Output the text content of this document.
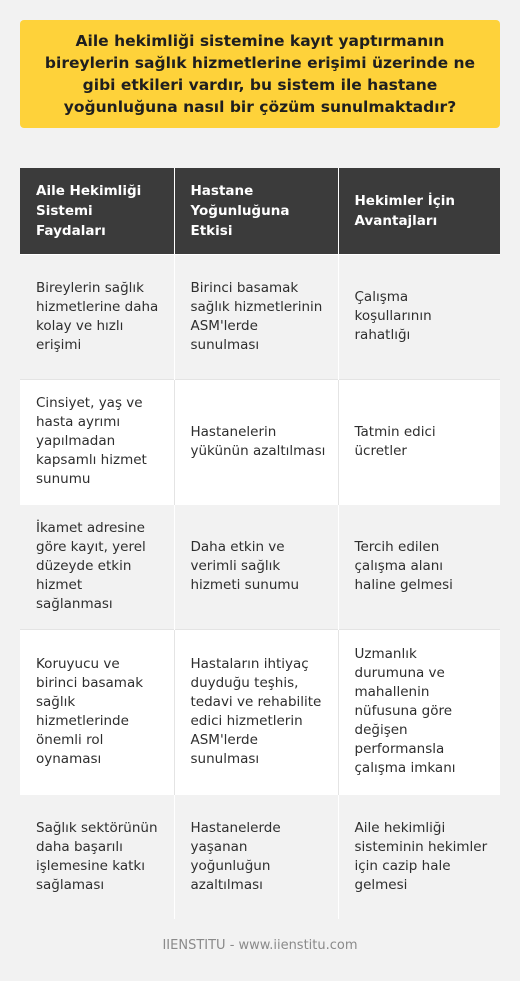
Aile hekimliği sistemine kayıt yaptırmanın bireylerin sağlık hizmetlerine erişimi üzerinde ne gibi etkileri vardır, bu sistem ile hastane yoğunluğuna nasıl bir çözüm sunulmaktadır?
Aile Hekimliği Sistemi Faydaları	Hastane Yoğunluğuna Etkisi	Hekimler İçin Avantajları
Bireylerin sağlık hizmetlerine daha kolay ve hızlı erişimi	Birinci basamak sağlık hizmetlerinin ASM'lerde sunulması	Çalışma koşullarının rahatlığı
Cinsiyet, yaş ve hasta ayrımı yapılmadan kapsamlı hizmet sunumu	Hastanelerin yükünün azaltılması	Tatmin edici ücretler
İkamet adresine göre kayıt, yerel düzeyde etkin hizmet sağlanması	Daha etkin ve verimli sağlık hizmeti sunumu	Tercih edilen çalışma alanı haline gelmesi
Koruyucu ve birinci basamak sağlık hizmetlerinde önemli rol oynaması	Hastaların ihtiyaç duyduğu teşhis, tedavi ve rehabilite edici hizmetlerin ASM'lerde sunulması	Uzmanlık durumuna ve mahallenin nüfusuna göre değişen performansla çalışma imkanı
Sağlık sektörünün daha başarılı işlemesine katkı sağlaması	Hastanelerde yaşanan yoğunluğun azaltılması	Aile hekimliği sisteminin hekimler için cazip hale gelmesi
IIENSTITU - www.iienstitu.com
